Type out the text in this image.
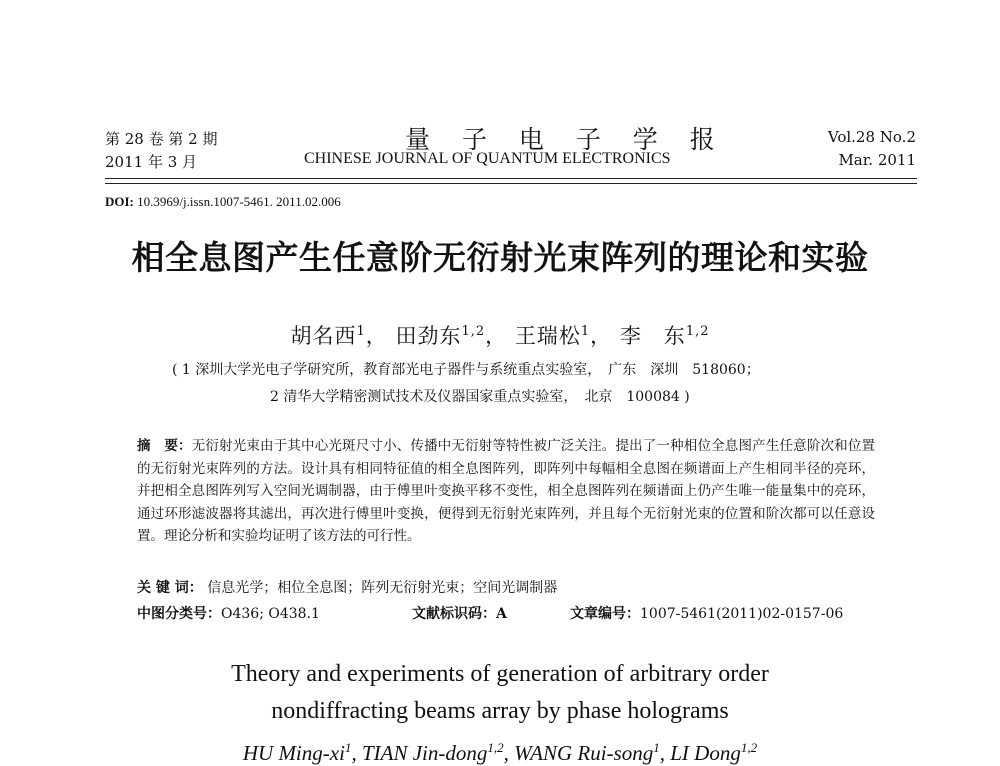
第 28 卷 第 2 期
2011 年 3 月
量 子 电 子 学 报
CHINESE JOURNAL OF QUANTUM ELECTRONICS
Vol.28 No.2
Mar. 2011
DOI: 10.3969/j.issn.1007-5461. 2011.02.006
相全息图产生任意阶无衍射光束阵列的理论和实验
胡名西$^1$， 田劲东$^{1,2}$， 王瑞松$^1$， 李　东$^{1,2}$
( 1 深圳大学光电子学研究所，教育部光电子器件与系统重点实验室，　广东　深圳　518060；
2 清华大学精密测试技术及仪器国家重点实验室，　北京　100084 )
摘　要：无衍射光束由于其中心光斑尺寸小、传播中无衍射等特性被广泛关注。提出了一种相位全息图产生任意阶次和位置的无衍射光束阵列的方法。设计具有相同特征值的相全息图阵列，即阵列中每幅相全息图在频谱面上产生相同半径的亮环，并把相全息图阵列写入空间光调制器，由于傅里叶变换平移不变性，相全息图阵列在频谱面上仍产生唯一能量集中的亮环，通过环形滤波器将其滤出，再次进行傅里叶变换，便得到无衍射光束阵列，并且每个无衍射光束的位置和阶次都可以任意设置。理论分析和实验均证明了该方法的可行性。
关 键 词： 信息光学；相位全息图；阵列无衍射光束；空间光调制器
中图分类号：O436; O438.1	文献标识码：A	文章编号：1007-5461(2011)02-0157-06
Theory and experiments of generation of arbitrary order
nondiffracting beams array by phase holograms
HU Ming-$xi^1$, TIAN Jin-dong$^{1,2}$, WANG Rui-song$^1$, LI Dong$^{1,2}$
